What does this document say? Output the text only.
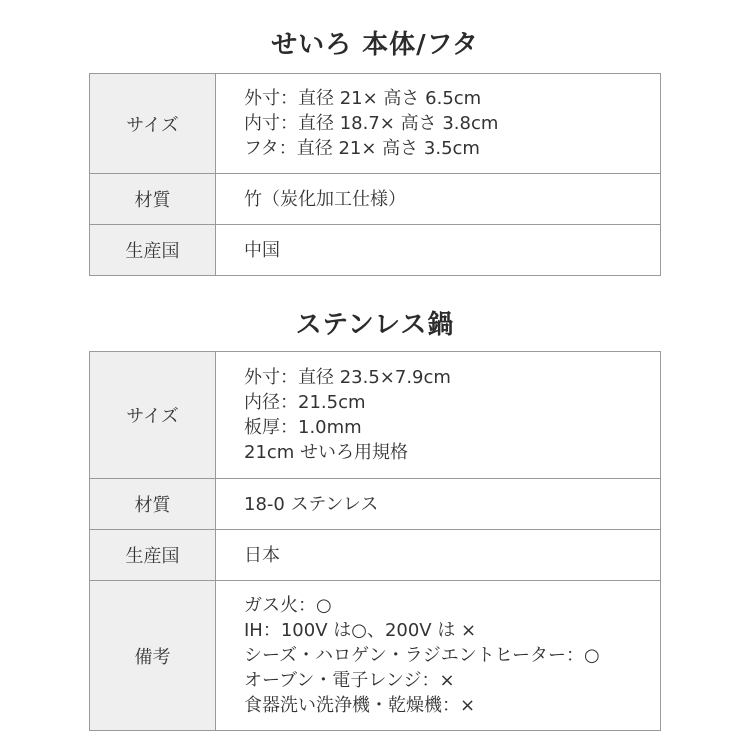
せいろ 本体/フタ
サイズ	外寸：直径 21× 高さ 6.5cm
内寸：直径 18.7× 高さ 3.8cm
フタ：直径 21× 高さ 3.5cm

材質	竹（炭化加工仕様）

生産国	中国
ステンレス鍋
サイズ	外寸：直径 23.5×7.9cm
内径：21.5cm
板厚：1.0mm
21cm せいろ用規格

材質	18-0 ステンレス

生産国	日本

備考	ガス火：○
IH：100V は○、200V は ×
シーズ・ハロゲン・ラジエントヒーター：○
オーブン・電子レンジ：×
食器洗い洗浄機・乾燥機：×
